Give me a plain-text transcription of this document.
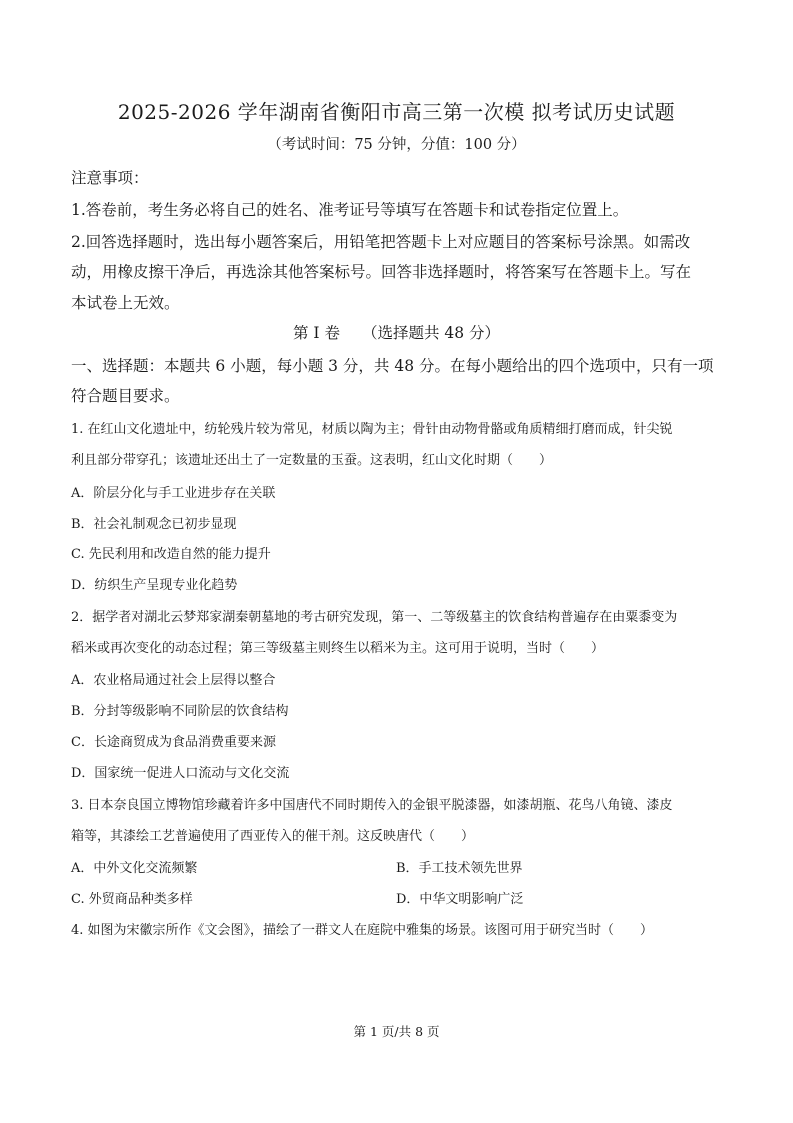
2025-2026 学年湖南省衡阳市高三第一次模 拟考试历史试题
（考试时间：75 分钟，分值：100 分）
注意事项：
1.答卷前，考生务必将自己的姓名、准考证号等填写在答题卡和试卷指定位置上。
2.回答选择题时，选出每小题答案后，用铅笔把答题卡上对应题目的答案标号涂黑。如需改
动，用橡皮擦干净后，再选涂其他答案标号。回答非选择题时，将答案写在答题卡上。写在
本试卷上无效。
第 I 卷 （选择题共 48 分）
一、选择题：本题共 6 小题，每小题 3 分，共 48 分。在每小题给出的四个选项中，只有一项
符合题目要求。
1. 在红山文化遗址中，纺轮残片较为常见，材质以陶为主；骨针由动物骨骼或角质精细打磨而成，针尖锐
利且部分带穿孔；该遗址还出土了一定数量的玉蚕。这表明，红山文化时期（　　）
A．阶层分化与手工业进步存在关联
B．社会礼制观念已初步显现
C. 先民利用和改造自然的能力提升
D．纺织生产呈现专业化趋势
2．据学者对湖北云梦郑家湖秦朝墓地的考古研究发现，第一、二等级墓主的饮食结构普遍存在由粟黍变为
稻米或再次变化的动态过程；第三等级墓主则终生以稻米为主。这可用于说明，当时（　　）
A．农业格局通过社会上层得以整合
B．分封等级影响不同阶层的饮食结构
C．长途商贸成为食品消费重要来源
D．国家统一促进人口流动与文化交流
3. 日本奈良国立博物馆珍藏着许多中国唐代不同时期传入的金银平脱漆器，如漆胡瓶、花鸟八角镜、漆皮
箱等，其漆绘工艺普遍使用了西亚传入的催干剂。这反映唐代（　　）
A．中外文化交流频繁	B．手工技术领先世界
C. 外贸商品种类多样	D．中华文明影响广泛
4. 如图为宋徽宗所作《文会图》，描绘了一群文人在庭院中雅集的场景。该图可用于研究当时（　　）
第 1 页/共 8 页
